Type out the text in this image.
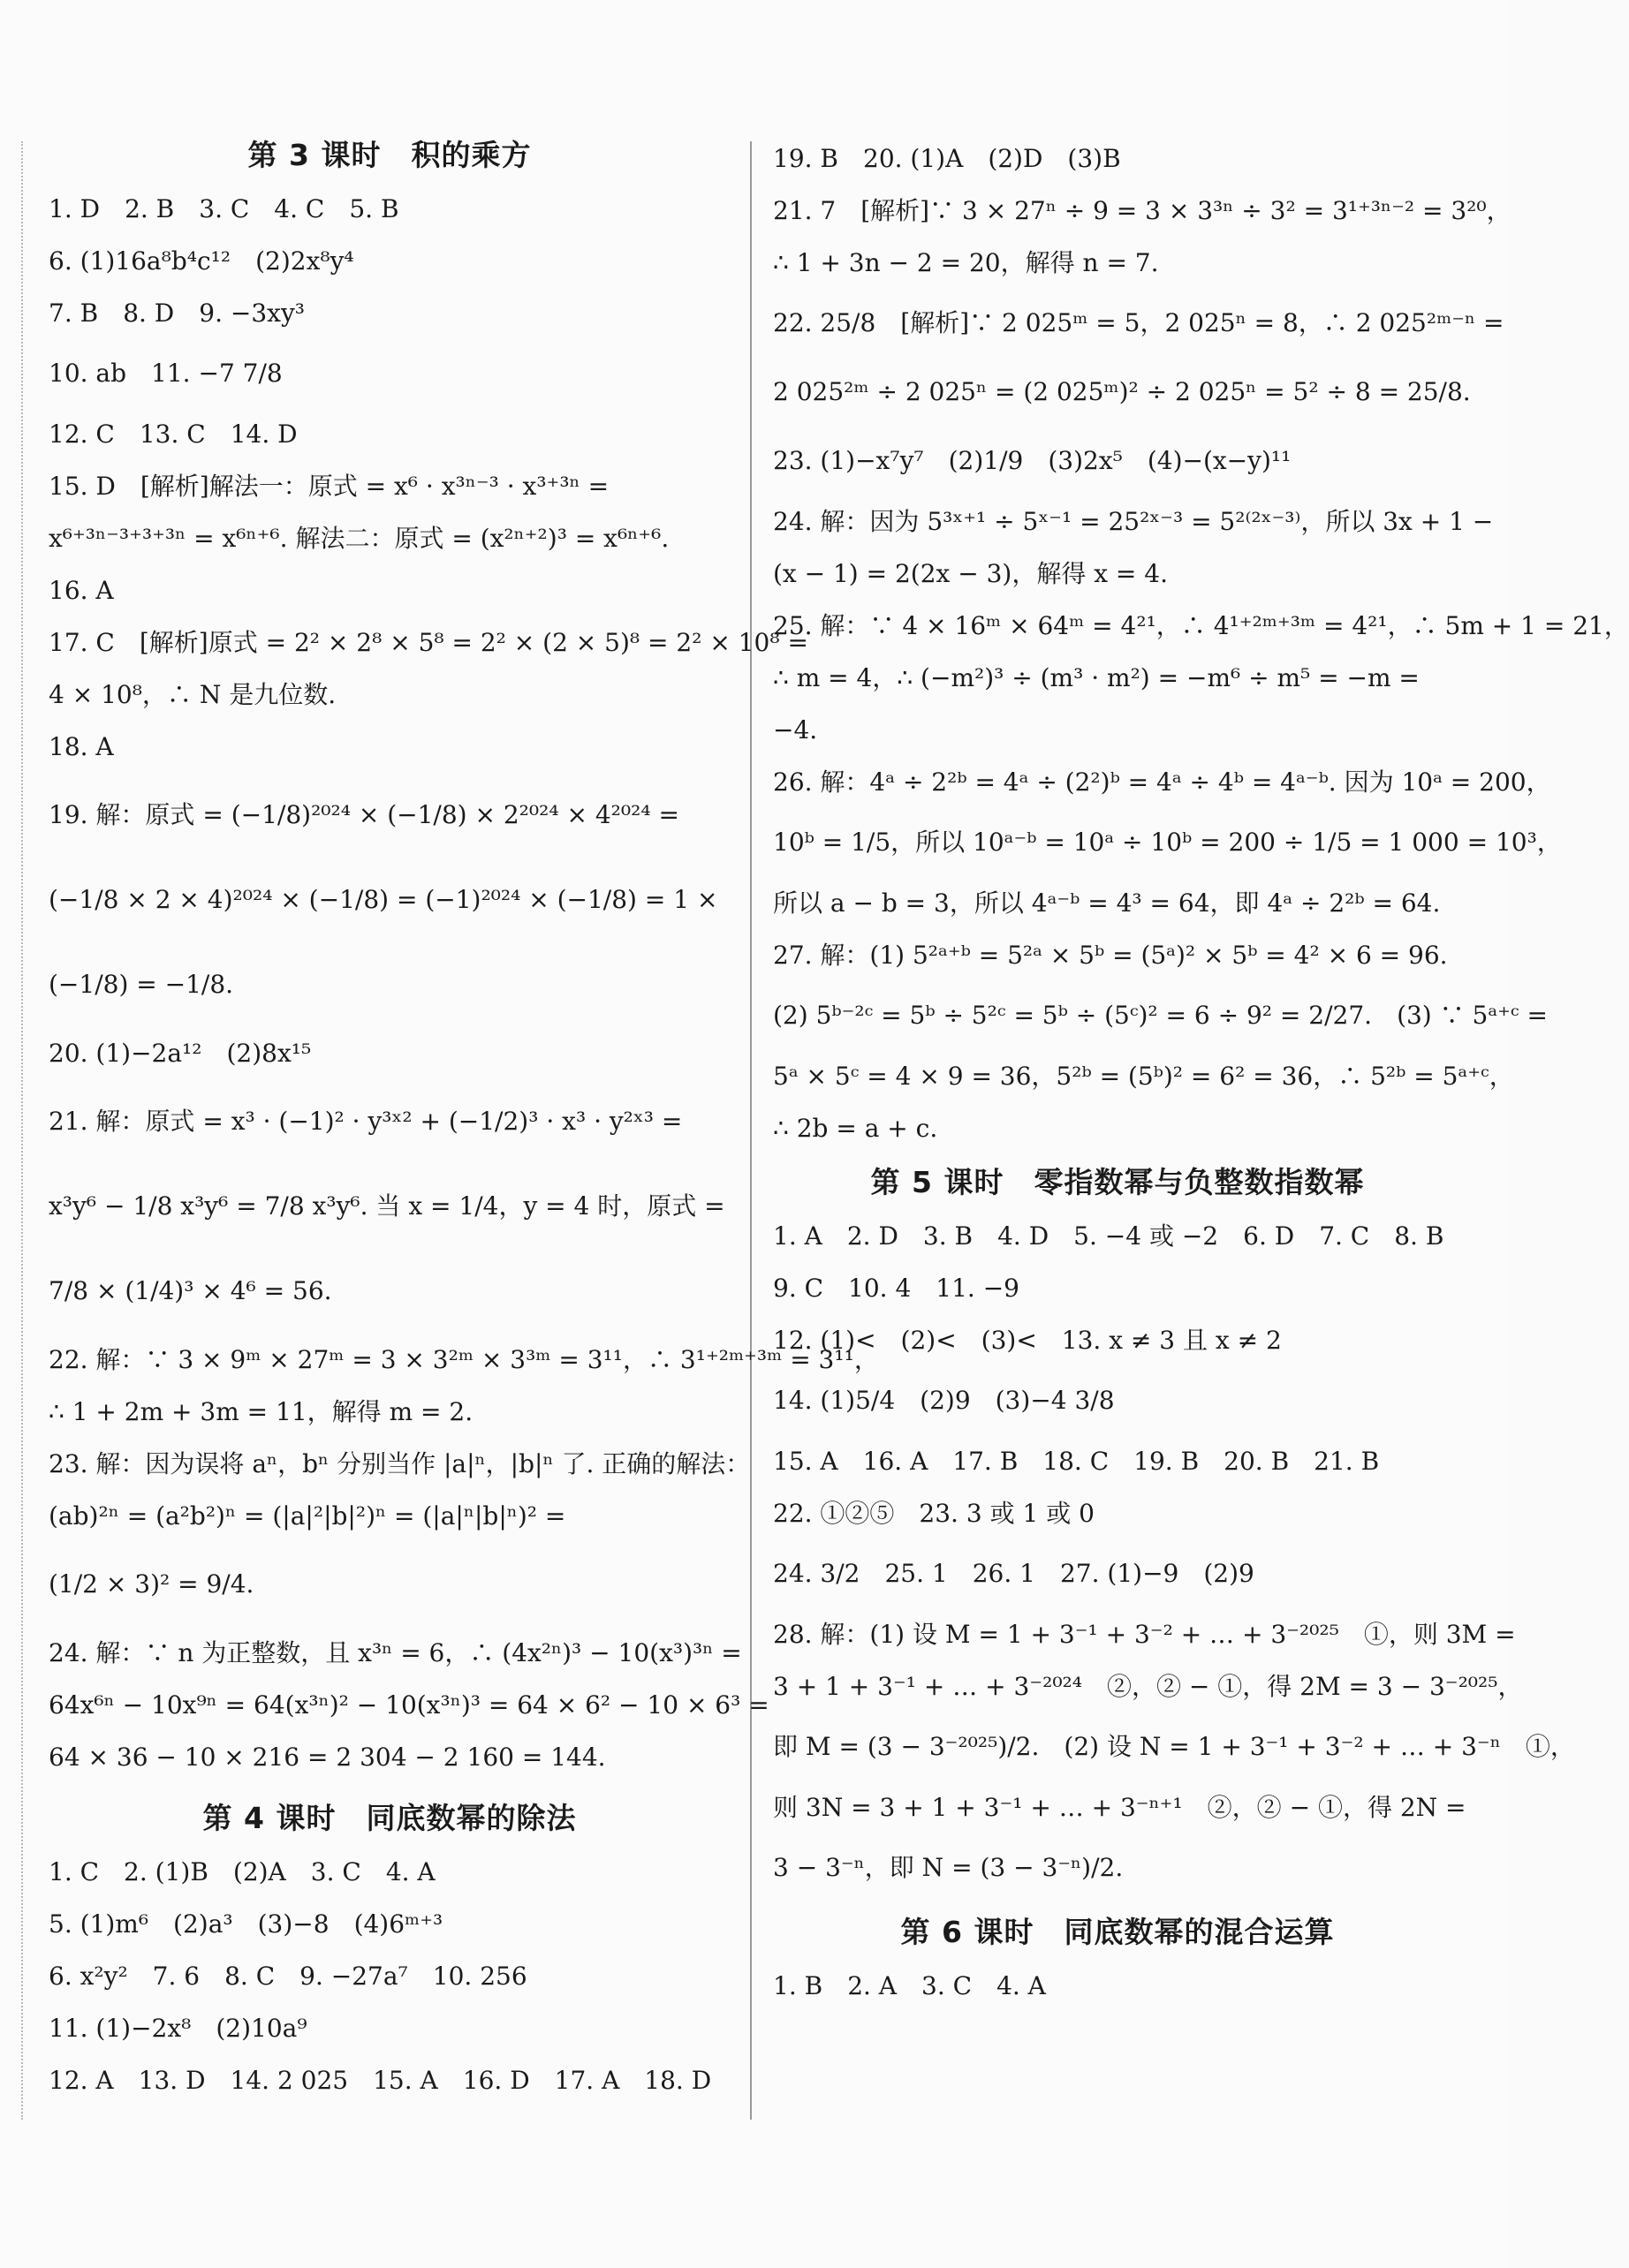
第 3 课时　积的乘方
1. D　2. B　3. C　4. C　5. B
6. (1)16a⁸b⁴c¹²　(2)2x⁸y⁴
7. B　8. D　9. −3xy³
10. ab　11. −7 7/8
12. C　13. C　14. D
15. D　[解析]解法一：原式 = x⁶ · x³ⁿ⁻³ · x³⁺³ⁿ =
x⁶⁺³ⁿ⁻³⁺³⁺³ⁿ = x⁶ⁿ⁺⁶. 解法二：原式 = (x²ⁿ⁺²)³ = x⁶ⁿ⁺⁶.
16. A
17. C　[解析]原式 = 2² × 2⁸ × 5⁸ = 2² × (2 × 5)⁸ = 2² × 10⁸ =
4 × 10⁸，∴ N 是九位数.
18. A
19. 解：原式 = (−1/8)²⁰²⁴ × (−1/8) × 2²⁰²⁴ × 4²⁰²⁴ =
(−1/8 × 2 × 4)²⁰²⁴ × (−1/8) = (−1)²⁰²⁴ × (−1/8) = 1 ×
(−1/8) = −1/8.
20. (1)−2a¹²　(2)8x¹⁵
21. 解：原式 = x³ · (−1)² · y³ˣ² + (−1/2)³ · x³ · y²ˣ³ =
x³y⁶ − 1/8 x³y⁶ = 7/8 x³y⁶. 当 x = 1/4，y = 4 时，原式 =
7/8 × (1/4)³ × 4⁶ = 56.
22. 解：∵ 3 × 9ᵐ × 27ᵐ = 3 × 3²ᵐ × 3³ᵐ = 3¹¹，∴ 3¹⁺²ᵐ⁺³ᵐ = 3¹¹，
∴ 1 + 2m + 3m = 11，解得 m = 2.
23. 解：因为误将 aⁿ，bⁿ 分别当作 |a|ⁿ，|b|ⁿ 了. 正确的解法：
(ab)²ⁿ = (a²b²)ⁿ = (|a|²|b|²)ⁿ = (|a|ⁿ|b|ⁿ)² =
(1/2 × 3)² = 9/4.
24. 解：∵ n 为正整数，且 x³ⁿ = 6，∴ (4x²ⁿ)³ − 10(x³)³ⁿ =
64x⁶ⁿ − 10x⁹ⁿ = 64(x³ⁿ)² − 10(x³ⁿ)³ = 64 × 6² − 10 × 6³ =
64 × 36 − 10 × 216 = 2 304 − 2 160 = 144.
第 4 课时　同底数幂的除法
1. C　2. (1)B　(2)A　3. C　4. A
5. (1)m⁶　(2)a³　(3)−8　(4)6ᵐ⁺³
6. x²y²　7. 6　8. C　9. −27a⁷　10. 256
11. (1)−2x⁸　(2)10a⁹
12. A　13. D　14. 2 025　15. A　16. D　17. A　18. D
19. B　20. (1)A　(2)D　(3)B
21. 7　[解析]∵ 3 × 27ⁿ ÷ 9 = 3 × 3³ⁿ ÷ 3² = 3¹⁺³ⁿ⁻² = 3²⁰，
∴ 1 + 3n − 2 = 20，解得 n = 7.
22. 25/8　[解析]∵ 2 025ᵐ = 5，2 025ⁿ = 8，∴ 2 025²ᵐ⁻ⁿ =
2 025²ᵐ ÷ 2 025ⁿ = (2 025ᵐ)² ÷ 2 025ⁿ = 5² ÷ 8 = 25/8.
23. (1)−x⁷y⁷　(2)1/9　(3)2x⁵　(4)−(x−y)¹¹
24. 解：因为 5³ˣ⁺¹ ÷ 5ˣ⁻¹ = 25²ˣ⁻³ = 5²⁽²ˣ⁻³⁾，所以 3x + 1 −
(x − 1) = 2(2x − 3)，解得 x = 4.
25. 解：∵ 4 × 16ᵐ × 64ᵐ = 4²¹，∴ 4¹⁺²ᵐ⁺³ᵐ = 4²¹，∴ 5m + 1 = 21，
∴ m = 4，∴ (−m²)³ ÷ (m³ · m²) = −m⁶ ÷ m⁵ = −m =
−4.
26. 解：4ᵃ ÷ 2²ᵇ = 4ᵃ ÷ (2²)ᵇ = 4ᵃ ÷ 4ᵇ = 4ᵃ⁻ᵇ. 因为 10ᵃ = 200，
10ᵇ = 1/5，所以 10ᵃ⁻ᵇ = 10ᵃ ÷ 10ᵇ = 200 ÷ 1/5 = 1 000 = 10³，
所以 a − b = 3，所以 4ᵃ⁻ᵇ = 4³ = 64，即 4ᵃ ÷ 2²ᵇ = 64.
27. 解：(1) 5²ᵃ⁺ᵇ = 5²ᵃ × 5ᵇ = (5ᵃ)² × 5ᵇ = 4² × 6 = 96.
(2) 5ᵇ⁻²ᶜ = 5ᵇ ÷ 5²ᶜ = 5ᵇ ÷ (5ᶜ)² = 6 ÷ 9² = 2/27.　(3) ∵ 5ᵃ⁺ᶜ =
5ᵃ × 5ᶜ = 4 × 9 = 36，5²ᵇ = (5ᵇ)² = 6² = 36，∴ 5²ᵇ = 5ᵃ⁺ᶜ，
∴ 2b = a + c.
第 5 课时　零指数幂与负整数指数幂
1. A　2. D　3. B　4. D　5. −4 或 −2　6. D　7. C　8. B
9. C　10. 4　11. −9
12. (1)<　(2)<　(3)<　13. x ≠ 3 且 x ≠ 2
14. (1)5/4　(2)9　(3)−4 3/8
15. A　16. A　17. B　18. C　19. B　20. B　21. B
22. ①②⑤　23. 3 或 1 或 0
24. 3/2　25. 1　26. 1　27. (1)−9　(2)9
28. 解：(1) 设 M = 1 + 3⁻¹ + 3⁻² + … + 3⁻²⁰²⁵　①，则 3M =
3 + 1 + 3⁻¹ + … + 3⁻²⁰²⁴　②，② − ①，得 2M = 3 − 3⁻²⁰²⁵，
即 M = (3 − 3⁻²⁰²⁵)/2.　(2) 设 N = 1 + 3⁻¹ + 3⁻² + … + 3⁻ⁿ　①，
则 3N = 3 + 1 + 3⁻¹ + … + 3⁻ⁿ⁺¹　②，② − ①，得 2N =
3 − 3⁻ⁿ，即 N = (3 − 3⁻ⁿ)/2.
第 6 课时　同底数幂的混合运算
1. B　2. A　3. C　4. A
